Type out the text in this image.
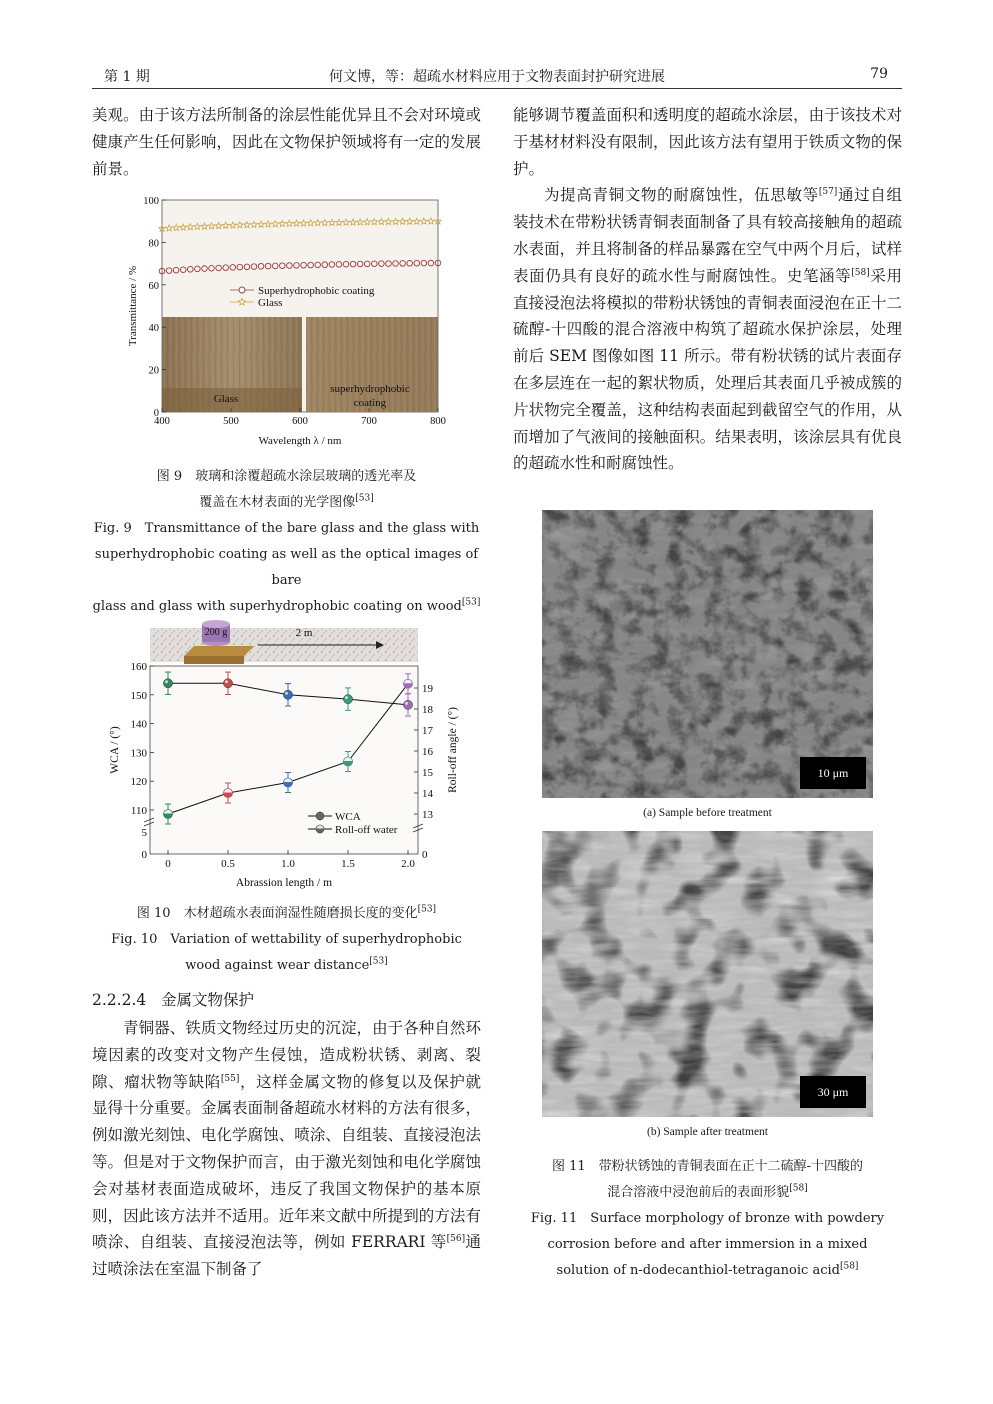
第 1 期	何文博，等：超疏水材料应用于文物表面封护研究进展	79

美观。由于该方法所制备的涂层性能优异且不会对环境或健康产生任何影响，因此在文物保护领域将有一定的发展前景。

Glass
superhydrophobic
coating
400	500	600	700	800
0
20
40
60
80
100
Wavelength λ / nm
Transmittance / %	Superhydrophobic coating
Glass

图 9　玻璃和涂覆超疏水涂层玻璃的透光率及

覆盖在木材表面的光学图像[53]

Fig. 9　Transmittance of the bare glass and the glass with

superhydrophobic coating as well as the optical images of bare

glass and glass with superhydrophobic coating on wood[53]

200 g	2 m
0	0.5	1.0	1.5	2.0
110
120
130
140
150
160
5
0
13
14
15
16
17
18
19
0
Abrassion length / m
WCA / (°)	Roll-off angle / (°)
WCA
Roll-off water

图 10　木材超疏水表面润湿性随磨损长度的变化[53]

Fig. 10　Variation of wettability of superhydrophobic

wood against wear distance[53]

2.2.2.4 金属文物保护

青铜器、铁质文物经过历史的沉淀，由于各种自然环境因素的改变对文物产生侵蚀，造成粉状锈、剥离、裂隙、瘤状物等缺陷[55]，这样金属文物的修复以及保护就显得十分重要。金属表面制备超疏水材料的方法有很多，例如激光刻蚀、电化学腐蚀、喷涂、自组装、直接浸泡法等。但是对于文物保护而言，由于激光刻蚀和电化学腐蚀会对基材表面造成破坏，违反了我国文物保护的基本原则，因此该方法并不适用。近年来文献中所提到的方法有喷涂、自组装、直接浸泡法等，例如 FERRARI 等[56]通过喷涂法在室温下制备了

能够调节覆盖面积和透明度的超疏水涂层，由于该技术对于基材材料没有限制，因此该方法有望用于铁质文物的保护。

为提高青铜文物的耐腐蚀性，伍思敏等[57]通过自组装技术在带粉状锈青铜表面制备了具有较高接触角的超疏水表面，并且将制备的样品暴露在空气中两个月后，试样表面仍具有良好的疏水性与耐腐蚀性。史笔涵等[58]采用直接浸泡法将模拟的带粉状锈蚀的青铜表面浸泡在正十二硫醇-十四酸的混合溶液中构筑了超疏水保护涂层，处理前后 SEM 图像如图 11 所示。带有粉状锈的试片表面存在多层连在一起的絮状物质，处理后其表面几乎被成簇的片状物完全覆盖，这种结构表面起到截留空气的作用，从而增加了气液间的接触面积。结果表明，该涂层具有优良的超疏水性和耐腐蚀性。

10 μm
(a) Sample before treatment
30 μm
(b) Sample after treatment

图 11　带粉状锈蚀的青铜表面在正十二硫醇-十四酸的

混合溶液中浸泡前后的表面形貌[58]

Fig. 11　Surface morphology of bronze with powdery

corrosion before and after immersion in a mixed

solution of n-dodecanthiol-tetraganoic acid[58]
